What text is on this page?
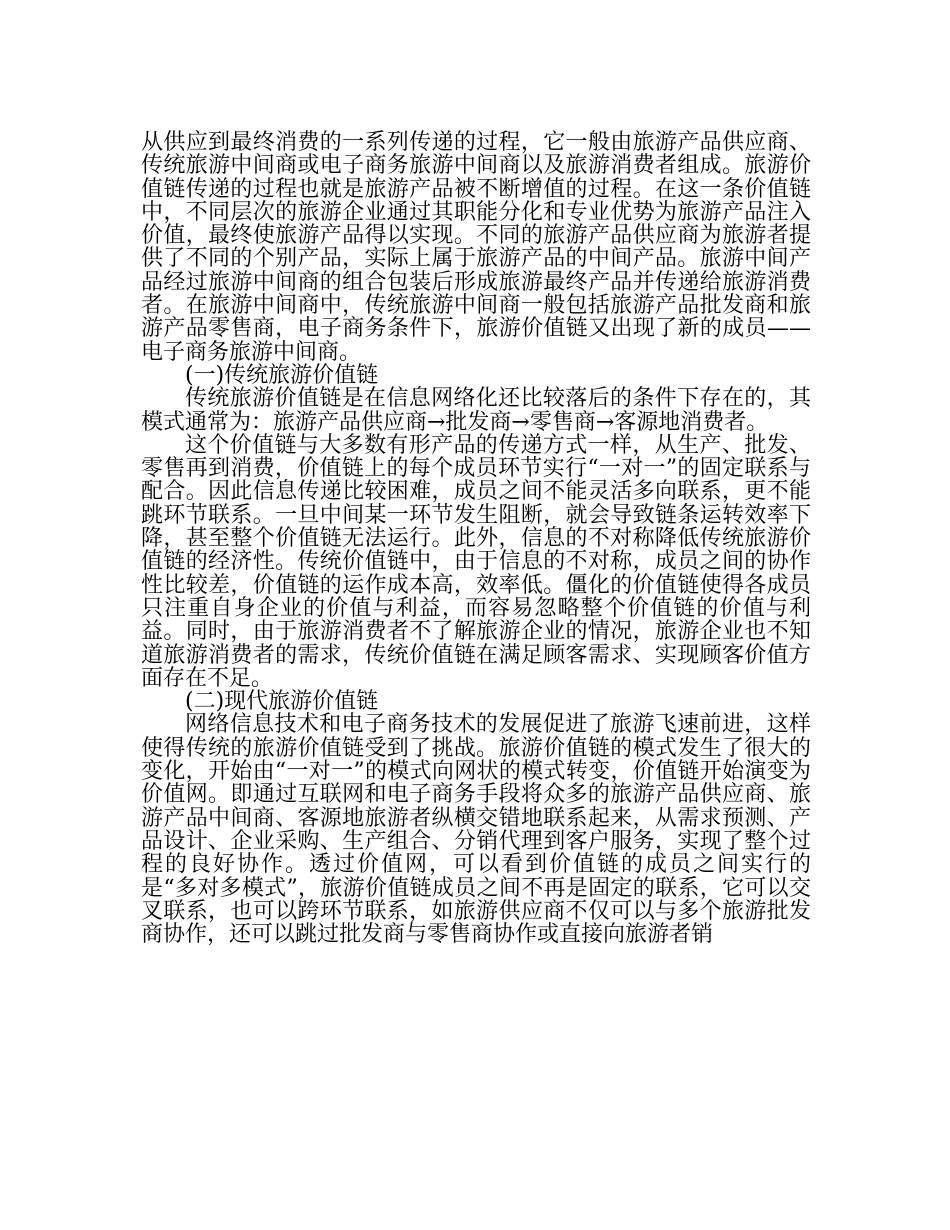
从供应到最终消费的一系列传递的过程，它一般由旅游产品供应商、传统旅游中间商或电子商务旅游中间商以及旅游消费者组成。旅游价值链传递的过程也就是旅游产品被不断增值的过程。在这一条价值链中，不同层次的旅游企业通过其职能分化和专业优势为旅游产品注入价值，最终使旅游产品得以实现。不同的旅游产品供应商为旅游者提供了不同的个别产品，实际上属于旅游产品的中间产品。旅游中间产品经过旅游中间商的组合包装后形成旅游最终产品并传递给旅游消费者。在旅游中间商中，传统旅游中间商一般包括旅游产品批发商和旅游产品零售商，电子商务条件下，旅游价值链又出现了新的成员——电子商务旅游中间商。

(一)传统旅游价值链

传统旅游价值链是在信息网络化还比较落后的条件下存在的，其模式通常为：旅游产品供应商→批发商→零售商→客源地消费者。

这个价值链与大多数有形产品的传递方式一样，从生产、批发、零售再到消费，价值链上的每个成员环节实行“一对一”的固定联系与配合。因此信息传递比较困难，成员之间不能灵活多向联系，更不能跳环节联系。一旦中间某一环节发生阻断，就会导致链条运转效率下降，甚至整个价值链无法运行。此外，信息的不对称降低传统旅游价值链的经济性。传统价值链中，由于信息的不对称，成员之间的协作性比较差，价值链的运作成本高，效率低。僵化的价值链使得各成员只注重自身企业的价值与利益，而容易忽略整个价值链的价值与利益。同时，由于旅游消费者不了解旅游企业的情况，旅游企业也不知道旅游消费者的需求，传统价值链在满足顾客需求、实现顾客价值方面存在不足。

(二)现代旅游价值链

网络信息技术和电子商务技术的发展促进了旅游飞速前进，这样使得传统的旅游价值链受到了挑战。旅游价值链的模式发生了很大的变化，开始由“一对一”的模式向网状的模式转变，价值链开始演变为价值网。即通过互联网和电子商务手段将众多的旅游产品供应商、旅游产品中间商、客源地旅游者纵横交错地联系起来，从需求预测、产品设计、企业采购、生产组合、分销代理到客户服务，实现了整个过程的良好协作。透过价值网，可以看到价值链的成员之间实行的是“多对多模式”，旅游价值链成员之间不再是固定的联系，它可以交叉联系，也可以跨环节联系，如旅游供应商不仅可以与多个旅游批发商协作，还可以跳过批发商与零售商协作或直接向旅游者销
